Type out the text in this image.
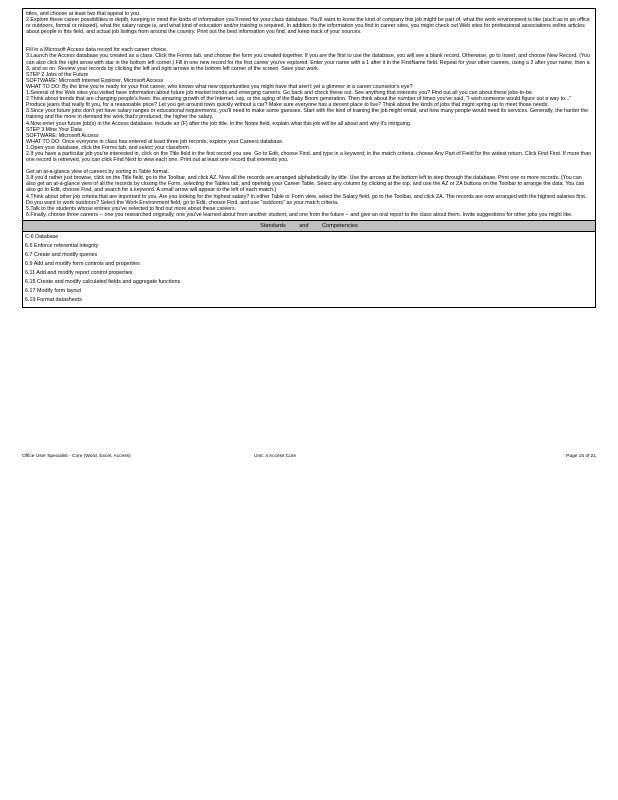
titles, and choose at least two that appeal to you.

2.Explore these career possibilities in depth, keeping in mind the kinds of information you'll need for your class database. You'll want to know the kind of company this job might be part of, what the work environment is like (such as in an office or outdoors, formal or relaxed), what the salary range is, and what kind of education and/or training is required. In addition to the information you find in career sites, you might check out Web sites for professional associations online articles about people in this field, and actual job listings from around the country. Print out the best information you find, and keep track of your sources.

Fill in a Microsoft Access data record for each career choice.

3.Launch the Access database you created as a class. Click the Forms tab, and choose the form you created together. If you are the first to use the database, you will see a blank record. Otherwise, go to Insert, and choose New Record. (You can also click the right arrow with star in the bottom left corner.) Fill in one new record for the first career you've explored. Enter your name with a 1 after it in the FirstName field. Repeat for your other careers, using a 2 after your name, then a 3, and so on. Review your records by clicking the left and right arrows in the bottom left corner of the screen. Save your work.

STEP 2 Jobs of the Future

SOFTWARE: Microsoft Internet Explorer, Microsoft Access

WHAT TO DO: By the time you're ready for your first career, who knows what new opportunities you might have that aren't yet a glimmer in a career counselor's eye?

1.Several of the Web sites you visited have information about future job market trends and emerging careers. Go back and check these out. See anything that interests you? Find out all you can about these jobs-to-be.

2.Think about trends that are changing people's lives: the amazing growth of the Internet, say, or the aging of the Baby Boom generation. Then think about the number of times you've said, "I wish someone would figure out a way to..." Produce jeans that really fit you, for a reasonable price? Let you get around town quickly without a car? Make sure everyone has a decent place to live? Think about the kinds of jobs that might spring up to meet those needs.

3.Since your future jobs don't yet have salary ranges or educational requirements, you'll need to make some guesses. Start with the kind of training the job might entail, and how many people would need its services. Generally, the harder the training and the more in demand the work that's produced, the higher the salary.

4.Now enter your future job(s) in the Access database. Include an (F) after the job title. In the Notes field, explain what this job will be all about and why it's intriguing.

STEP 3 Mine Your Data

SOFTWARE: Microsoft Access

WHAT TO DO: Once everyone in class has entered at least three job records, explore your Careers database.

1.Open your database, click the Forms tab, and select your classform.

2.If you have a particular job you're interested in, click on the Title field in the first record you see. Go to Edit, choose Find, and type in a keyword; in the match criteria, choose Any Part of Field for the widest return. Click Find First. If more than one record is retrieved, you can click Find Next to view each one. Print out at least one record that interests you.

Get an at-a-glance view of careers by sorting in Table format.

3.If you'd rather just browse, click on the Title field, go to the Toolbar, and click AZ. Now all the records are arranged alphabetically by title. Use the arrows at the bottom left to step through the database. Print one or more records. (You can also get an at-a-glance view of all the records by closing the Form, selecting the Tables tab, and opening your Career Table. Select any column by clicking at the top, and use the AZ or ZA buttons on the Toolbar to arrange the data. You can also go to Edit, choose Find, and search for a keyword. A small arrow will appear to the left of each match.)

4.Think about other job criteria that are important to you. Are you looking for the highest salary? In either Table or Form view, select the Salary field, go to the Toolbar, and click ZA. The records are now arranged with the highest salaries first. Do you want to work outdoors? Select the Work Environment field, go to Edit, choose Find, and use "outdoors" as your match criteria.

5.Talk to the students whose entries you've selected to find out more about these careers.

6.Finally, choose three careers -- one you researched originally, one you've learned about from another student, and one from the future -- and give an oral report to the class about them. Invite suggestions for other jobs you might like.

Standards and Competencies
C-6 Database
6.6 Enforce referential integrity
6.7 Create and modify queries
6.9 Add and modify form controls and properties
6.11 Add and modify report control properties
6.15 Create and modify calculated fields and aggregate functions
6.17 Modify form layout
6.19 Format datasheets
Office User Specialist - Core (Word, Excel, Access)	Unit: 4 Access Core	Page 15 of 21
